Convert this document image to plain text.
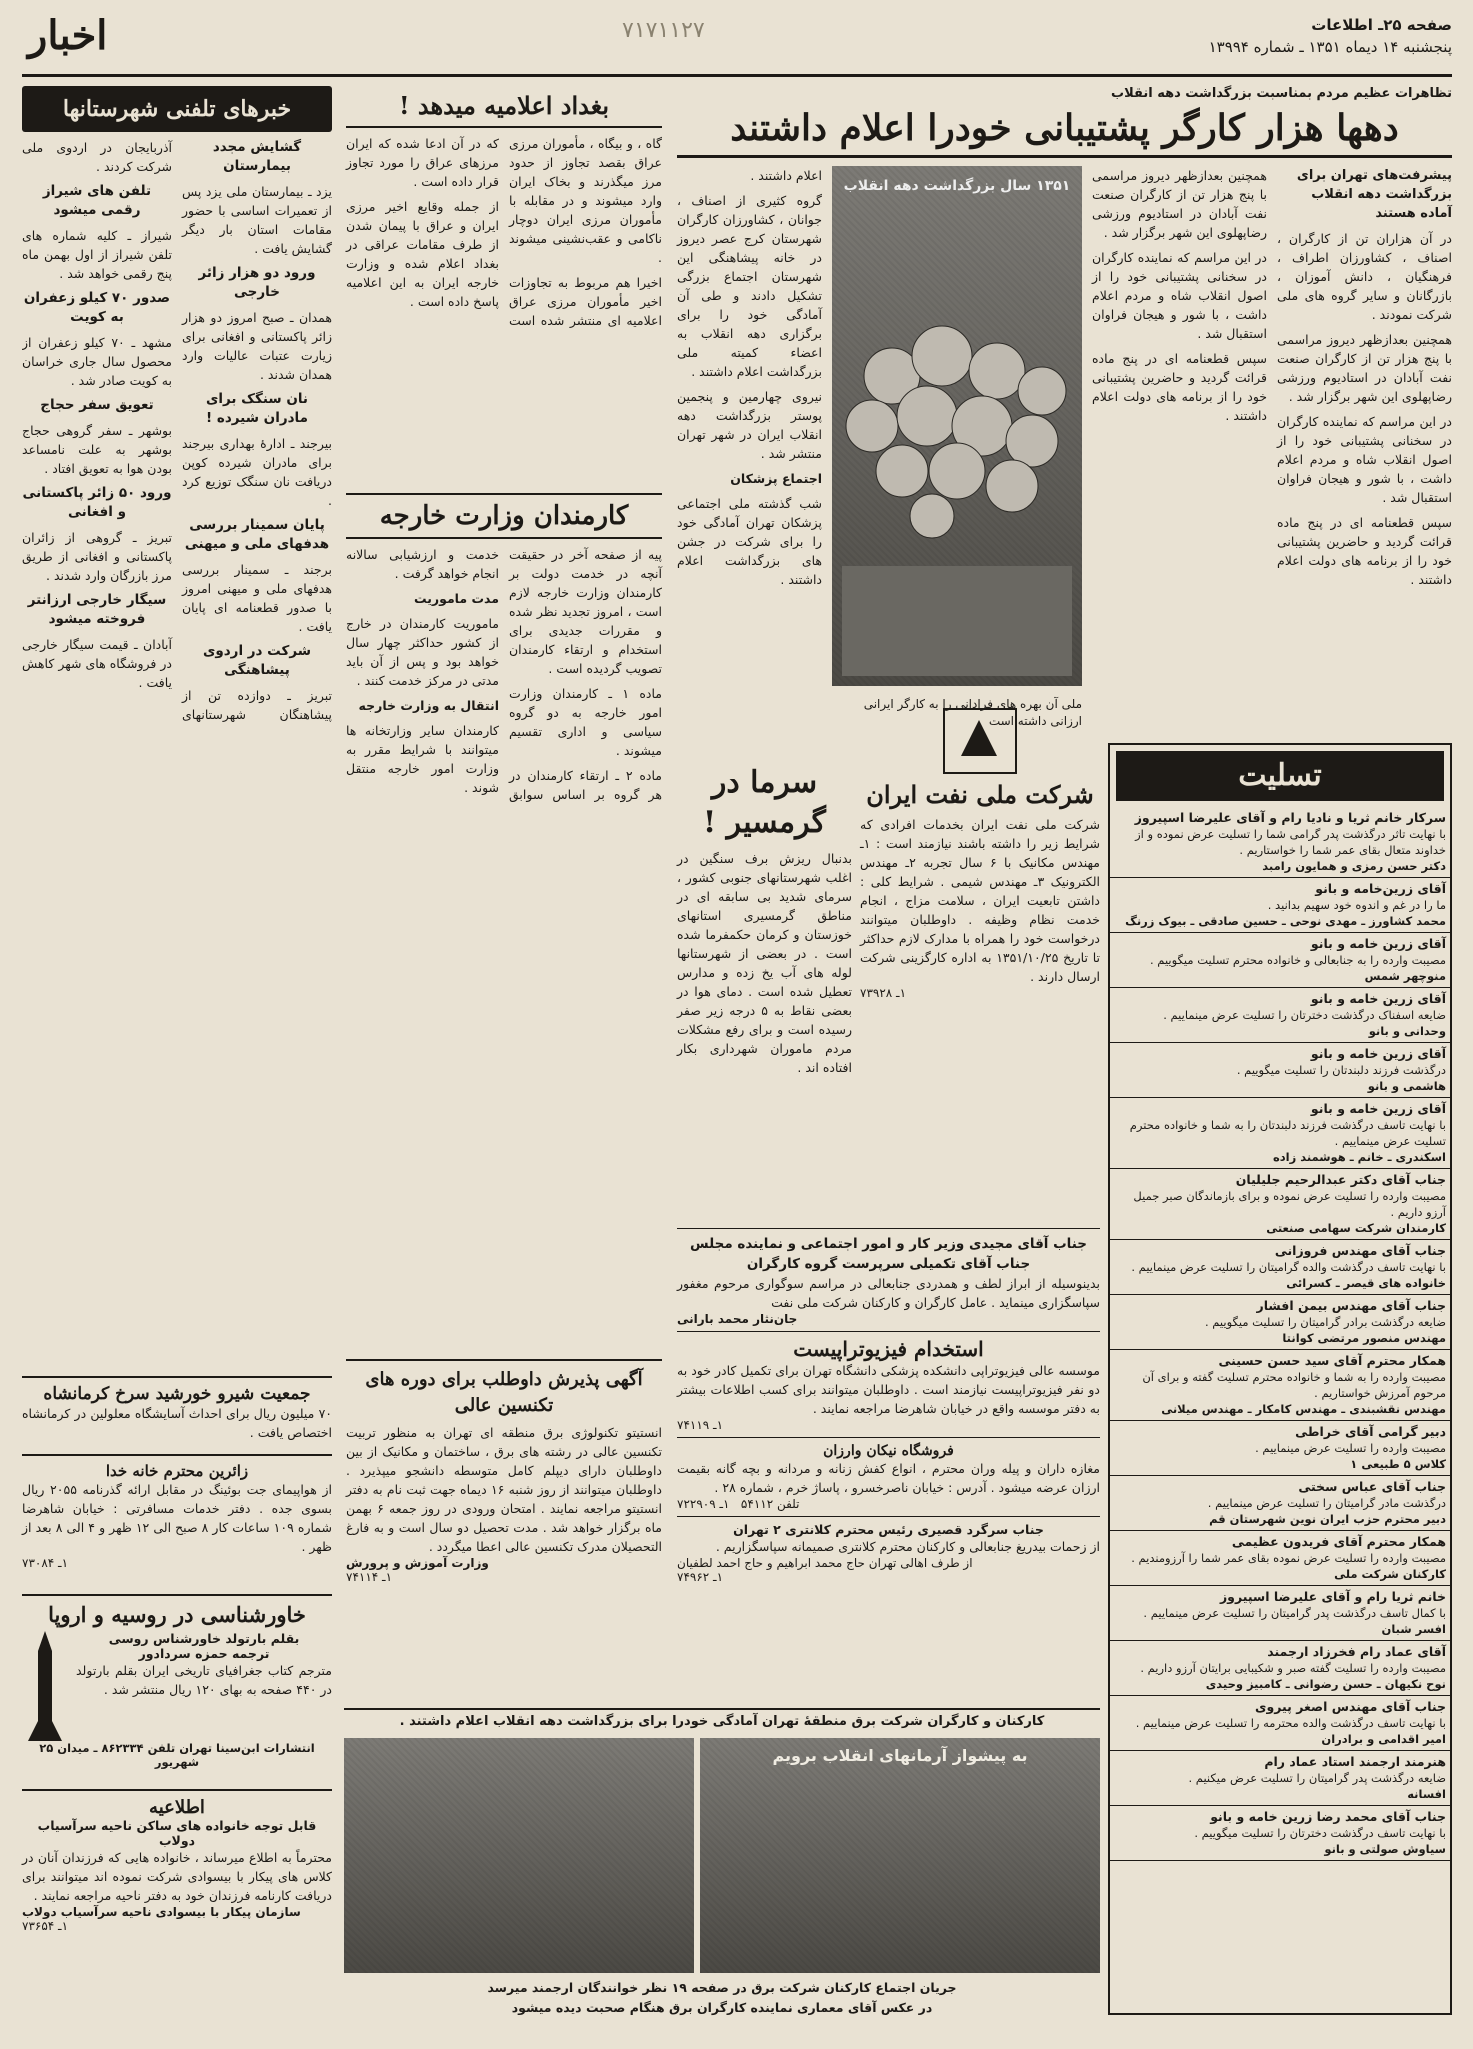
صفحه ۲۵ـ اطلاعات
پنجشنبه ۱۴ دیماه ۱۳۵۱ ـ شماره ۱۳۹۹۴
۷۱۷۱۱۲۷
اخبار
تظاهرات عظیم مردم بمناسبت بزرگداشت دهه انقلاب
دهها هزار کارگر پشتیبانی خودرا اعلام داشتند
پیشرفت‌های تهران برای بزرگداشت دهه انقلاب آماده هستند

در آن هزاران تن از کارگران ، اصناف ، کشاورزان اطراف ، فرهنگیان ، دانش آموزان ، بازرگانان و سایر گروه های ملی شرکت نمودند .

همچنین بعدازظهر دیروز مراسمی با پنج هزار تن از کارگران صنعت نفت آبادان در استادیوم ورزشی رضاپهلوی این شهر برگزار شد .

در این مراسم که نماینده کارگران در سخنانی پشتیبانی خود را از اصول انقلاب شاه و مردم اعلام داشت ، با شور و هیجان فراوان استقبال شد .

سپس قطعنامه ای در پنج ماده قرائت گردید و حاضرین پشتیبانی خود را از برنامه های دولت اعلام داشتند .

همچنین بعدازظهر دیروز مراسمی با پنج هزار تن از کارگران صنعت نفت آبادان در استادیوم ورزشی رضاپهلوی این شهر برگزار شد .

در این مراسم که نماینده کارگران در سخنانی پشتیبانی خود را از اصول انقلاب شاه و مردم اعلام داشت ، با شور و هیجان فراوان استقبال شد .

سپس قطعنامه ای در پنج ماده قرائت گردید و حاضرین پشتیبانی خود را از برنامه های دولت اعلام داشتند .

۱۳۵۱ سال بزرگداشت دهه انقلاب
ملی آن بهره های فرادانی را به کارگر ایرانی ارزانی داشته است

اعلام داشتند .

گروه کثیری از اصناف ، جوانان ، کشاورزان کارگران شهرستان کرج عصر دیروز در خانه پیشاهنگی این شهرستان اجتماع بزرگی تشکیل دادند و طی آن آمادگی خود را برای برگزاری دهه انقلاب به اعضاء کمیته ملی بزرگداشت اعلام داشتند .

نیروی چهارمین و پنجمین پوستر بزرگداشت دهه انقلاب ایران در شهر تهران منتشر شد .

اجتماع پزشکان

شب گذشته ملی اجتماعی پزشکان تهران آمادگی خود را برای شرکت در جشن های بزرگداشت اعلام داشتند .

تسلیت
سرکار خانم ثریا و نادیا رام و آقای علیرضا اسپیروز
با نهایت تاثر درگذشت پدر گرامی شما را تسلیت عرض نموده و از خداوند متعال بقای عمر شما را خواستاریم .
دکتر حسن رمزی و همایون رامبد
آقای زرین‌خامه و بانو
ما را در غم و اندوه خود سهیم بدانید .
محمد کشاورز ـ مهدی نوحی ـ حسین صادقی ـ بیوک زرنگ
آقای زرین خامه و بانو
مصیبت وارده را به جنابعالی و خانواده محترم تسلیت میگوییم .
منوچهر شمس
آقای زرین خامه و بانو
ضایعه اسفناک درگذشت دخترتان را تسلیت عرض مینماییم .
وحدانی و بانو
آقای زرین خامه و بانو
درگذشت فرزند دلبندتان را تسلیت میگوییم .
هاشمی و بانو
آقای زرین خامه و بانو
با نهایت تاسف درگذشت فرزند دلبندتان را به شما و خانواده محترم تسلیت عرض مینماییم .
اسکندری ـ خانم ـ هوشمند زاده
جناب آقای دکتر عبدالرحیم جلیلیان
مصیبت وارده را تسلیت عرض نموده و برای بازماندگان صبر جمیل آرزو داریم .
کارمندان شرکت سهامی صنعتی
جناب آقای مهندس فروزانی
با نهایت تاسف درگذشت والده گرامیتان را تسلیت عرض مینماییم .
خانواده های قیصر ـ کسرائی
جناب آقای مهندس بیمن افشار
ضایعه درگذشت برادر گرامیتان را تسلیت میگوییم .
مهندس منصور مرتضی کوانتا
همکار محترم آقای سید حسن حسینی
مصیبت وارده را به شما و خانواده محترم تسلیت گفته و برای آن مرحوم آمرزش خواستاریم .
مهندس نقشبندی ـ مهندس کامکار ـ مهندس میلانی
دبیر گرامی آقای خراطی
مصیبت وارده را تسلیت عرض مینماییم .
کلاس ۵ طبیعی ۱
جناب آقای عباس سختی
درگذشت مادر گرامیتان را تسلیت عرض مینماییم .
دبیر محترم حزب ایران نوین شهرستان قم
همکار محترم آقای فریدون عظیمی
مصیبت وارده را تسلیت عرض نموده بقای عمر شما را آرزومندیم .
کارکنان شرکت ملی
خانم ثریا رام و آقای علیرضا اسپیروز
با کمال تاسف درگذشت پدر گرامیتان را تسلیت عرض مینماییم .
افسر شبان
آقای عماد رام فخرزاد ارجمند
مصیبت وارده را تسلیت گفته صبر و شکیبایی برایتان آرزو داریم .
نوح نکیهان ـ حسن رضوانی ـ کامبیز وحیدی
جناب آقای مهندس اصغر پیروی
با نهایت تاسف درگذشت والده محترمه را تسلیت عرض مینماییم .
امیر اقدامی و برادران
هنرمند ارجمند استاد عماد رام
ضایعه درگذشت پدر گرامیتان را تسلیت عرض میکنیم .
افسانه
جناب آقای محمد رضا زرین خامه و بانو
با نهایت تاسف درگذشت دخترتان را تسلیت میگوییم .
سیاوش صولتی و بانو
شرکت ملی نفت ایران
شرکت ملی نفت ایران بخدمات افرادی که شرایط زیر را داشته باشند نیازمند است : ۱ـ مهندس مکانیک با ۶ سال تجربه ۲ـ مهندس الکترونیک ۳ـ مهندس شیمی . شرایط کلی : داشتن تابعیت ایران ، سلامت مزاج ، انجام خدمت نظام وظیفه . داوطلبان میتوانند درخواست خود را همراه با مدارک لازم حداکثر تا تاریخ ۱۳۵۱/۱۰/۲۵ به اداره کارگزینی شرکت ارسال دارند .
۱ـ ۷۳۹۲۸
سرما در گرمسیر !
بدنبال ریزش برف سنگین در اغلب شهرستانهای جنوبی کشور ، سرمای شدید بی سابقه ای در مناطق گرمسیری استانهای خوزستان و کرمان حکمفرما شده است . در بعضی از شهرستانها لوله های آب یخ زده و مدارس تعطیل شده است . دمای هوا در بعضی نقاط به ۵ درجه زیر صفر رسیده است و برای رفع مشکلات مردم ماموران شهرداری بکار افتاده اند .
جناب آقای مجیدی وزیر کار و امور اجتماعی و نماینده مجلس جناب آقای تکمیلی سرپرست گروه کارگران
بدینوسیله از ابراز لطف و همدردی جنابعالی در مراسم سوگواری مرحوم مغفور سپاسگزاری مینماید . عامل کارگران و کارکنان شرکت ملی نفت
جان‌نثار محمد بارانی
استخدام فیزیوتراپیست
موسسه عالی فیزیوتراپی دانشکده پزشکی دانشگاه تهران برای تکمیل کادر خود به دو نفر فیزیوتراپیست نیازمند است . داوطلبان میتوانند برای کسب اطلاعات بیشتر به دفتر موسسه واقع در خیابان شاهرضا مراجعه نمایند .
۱ـ ۷۴۱۱۹
فروشگاه نیکان وارزان
مغازه داران و پیله وران محترم ، انواع کفش زنانه و مردانه و بچه گانه بقیمت ارزان عرضه میشود . آدرس : خیابان ناصرخسرو ، پاساژ خرم ، شماره ۲۸ .
تلفن ۵۴۱۱۲   ۱ـ ۷۲۲۹۰۹
جناب سرگرد قصیری رئیس محترم کلانتری ۲ تهران
از زحمات بیدریغ جنابعالی و کارکنان محترم کلانتری صمیمانه سپاسگزاریم .
از طرف اهالی تهران حاج محمد ابراهیم و حاج احمد لطفیان
۱ـ ۷۴۹۶۲
بغداد اعلامیه میدهد !

گاه ، و بیگاه ، مأموران مرزی عراق بقصد تجاوز از حدود مرز میگذرند و بخاک ایران وارد میشوند و در مقابله با مأموران مرزی ایران دوچار ناکامی و عقب‌نشینی میشوند .

اخیرا هم مربوط به تجاوزات اخیر مأموران مرزی عراق اعلامیه ای منتشر شده است که در آن ادعا شده که ایران مرزهای عراق را مورد تجاوز قرار داده است .

از جمله وقایع اخیر مرزی ایران و عراق با پیمان شدن از طرف مقامات عراقی در بغداد اعلام شده و وزارت خارجه ایران به این اعلامیه پاسخ داده است .

کارمندان وزارت خارجه

پیه از صفحه آخر در حقیقت آنچه در خدمت دولت بر کارمندان وزارت خارجه لازم است ، امروز تجدید نظر شده و مقررات جدیدی برای استخدام و ارتقاء کارمندان تصویب گردیده است .

ماده ۱ ـ کارمندان وزارت امور خارجه به دو گروه سیاسی و اداری تقسیم میشوند .

ماده ۲ ـ ارتقاء کارمندان در هر گروه بر اساس سوابق خدمت و ارزشیابی سالانه انجام خواهد گرفت .

مدت ماموریت

ماموریت کارمندان در خارج از کشور حداکثر چهار سال خواهد بود و پس از آن باید مدتی در مرکز خدمت کنند .

انتقال به وزارت خارجه

کارمندان سایر وزارتخانه ها میتوانند با شرایط مقرر به وزارت امور خارجه منتقل شوند .

آگهی پذیرش داوطلب برای دوره های تکنسین عالی
انستیتو تکنولوژی برق منطقه ای تهران به منظور تربیت تکنسین عالی در رشته های برق ، ساختمان و مکانیک از بین داوطلبان دارای دیپلم کامل متوسطه دانشجو میپذیرد . داوطلبان میتوانند از روز شنبه ۱۶ دیماه جهت ثبت نام به دفتر انستیتو مراجعه نمایند . امتحان ورودی در روز جمعه ۶ بهمن ماه برگزار خواهد شد . مدت تحصیل دو سال است و به فارغ التحصیلان مدرک تکنسین عالی اعطا میگردد .
وزارت آموزش و پرورش
۱ـ ۷۴۱۱۴
خبرهای تلفنی شهرستانها

گشایش مجدد بیمارستان

یزد ـ بیمارستان ملی یزد پس از تعمیرات اساسی با حضور مقامات استان بار دیگر گشایش یافت .

ورود دو هزار زائر خارجی

همدان ـ صبح امروز دو هزار زائر پاکستانی و افغانی برای زیارت عتبات عالیات وارد همدان شدند .

نان سنگک برای مادران شیرده !

بیرجند ـ ادارهٔ بهداری بیرجند برای مادران شیرده کوپن دریافت نان سنگک توزیع کرد .

پایان سمینار بررسی هدفهای ملی و میهنی

برجند ـ سمینار بررسی هدفهای ملی و میهنی امروز با صدور قطعنامه ای پایان یافت .

شرکت در اردوی پیشاهنگی

تبریز ـ دوازده تن از پیشاهنگان شهرستانهای آذربایجان در اردوی ملی شرکت کردند .

تلفن های شیراز رقمی میشود

شیراز ـ کلیه شماره های تلفن شیراز از اول بهمن ماه پنج رقمی خواهد شد .

صدور ۷۰ کیلو زعفران به کویت

مشهد ـ ۷۰ کیلو زعفران از محصول سال جاری خراسان به کویت صادر شد .

تعویق سفر حجاج

بوشهر ـ سفر گروهی حجاج بوشهر به علت نامساعد بودن هوا به تعویق افتاد .

ورود ۵۰ زائر پاکستانی و افغانی

تبریز ـ گروهی از زائران پاکستانی و افغانی از طریق مرز بازرگان وارد شدند .

سیگار خارجی ارزانتر فروخته میشود

آبادان ـ قیمت سیگار خارجی در فروشگاه های شهر کاهش یافت .

جمعیت شیرو خورشید سرخ کرمانشاه
۷۰ میلیون ریال برای احداث آسایشگاه معلولین در کرمانشاه اختصاص یافت .
زائرین محترم خانه خدا
از هواپیمای جت بوئینگ در مقابل ارائه گذرنامه ۲۰۵۵ ریال بسوی جده . دفتر خدمات مسافرتی : خیابان شاهرضا شماره ۱۰۹ ساعات کار ۸ صبح الی ۱۲ ظهر و ۴ الی ۸ بعد از ظهر .
۱ـ ۷۳۰۸۴
خاورشناسی در روسیه و اروپا
بقلم بارتولد خاورشناس روسی
ترجمه حمزه سردادور
مترجم کتاب جغرافیای تاریخی ایران بقلم بارتولد در ۴۴۰ صفحه به بهای ۱۲۰ ریال منتشر شد .
انتشارات ابن‌سینا تهران تلفن ۸۶۲۳۳۴ ـ میدان ۲۵ شهریور
اطلاعیه
قابل توجه خانواده های ساکن ناحیه سرآسیاب دولاب
محترماً به اطلاع میرساند ، خانواده هایی که فرزندان آنان در کلاس های پیکار با بیسوادی شرکت نموده اند میتوانند برای دریافت کارنامه فرزندان خود به دفتر ناحیه مراجعه نمایند .
سازمان پیکار با بیسوادی ناحیه سرآسیاب دولاب
۱ـ ۷۳۶۵۴
کارکنان و کارگران شرکت برق منطقهٔ تهران آمادگی خودرا برای بزرگداشت دهه انقلاب اعلام داشتند .
به پیشواز آرمانهای انقلاب برویم
جریان اجتماع کارکنان شرکت برق در صفحه ۱۹ نظر خوانندگان ارجمند میرسد
در عکس آقای معماری نماینده کارگران برق هنگام صحبت دیده میشود
